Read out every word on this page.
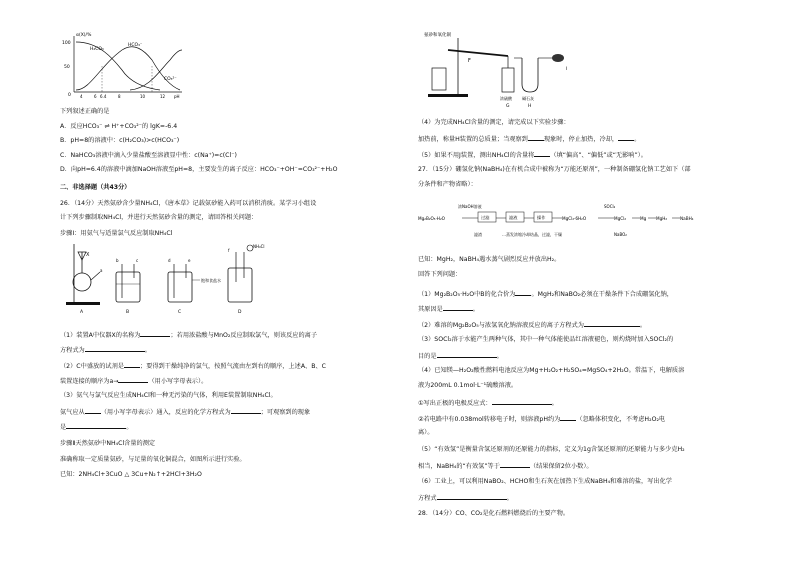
α(X)/%
100
50
0
H₂CO₃
HCO₃⁻
CO₃²⁻
4	6 6.4	8	10	12 pH
下列叙述正确的是
A．反应HCO₃⁻ ⇌ H⁺+CO₃²⁻的 lgK=-6.4
B．pH=8的溶液中：c(H₂CO₃)>c(HCO₃⁻)
C．NaHCO₃溶液中滴入少量盐酸至溶液显中性：c(Na⁺)=c(Cl⁻)
D．向pH=6.4的溶液中滴加NaOH溶液至pH=8，主要发生的离子反应：HCO₃⁻+OH⁻=CO₃²⁻+H₂O
二、非选择题（共43分）
26．（14分）天然氨砂含少量NH₄Cl，《唐本草》记载氨砂能入药可以消积消痰。某学习小组设
计下列步骤制取NH₄Cl，并进行天然氨砂含量的测定，请回答相关问题：
步骤Ⅰ：用氨气与适量氯气反应制取NH₄Cl
X
a
b	c
饱和食盐水
d	e
f
NH₄Cl
A	B	C	D
（1）装置A中仪器X的名称为	；若用浓盐酸与MnO₂反应制取氯气，则该反应的离子
方程式为	。
（2）C中盛放的试剂是	；要得到干燥纯净的氯气，按照气流由左到右的顺序，上述A、B、C
装置连接的顺序为a→	（用小写字母表示）。
（3）氨气与氯气反应生成NH₄Cl和一种无污染的气体，利用E装置制取NH₄Cl。
氨气应从	（用小写字母表示）通入，反应的化学方程式为	；可观察到的现象
是	。
步骤Ⅱ天然氨砂中NH₄Cl含量的测定
准确称取一定质量氨砂，与足量的氧化铜混合，如图所示进行实验。
已知：2NH₄Cl+3CuO △ 3Cu+N₂↑+2HCl+3H₂O
氨砂和氧化铜
F
浓硫酸
G
碱石灰
H
I
（4）为完成NH₄Cl含量的测定，请完成以下实验步骤：
加热前，称量H装置的总质量；当观察到	现象时，停止加热，冷却，	。
（5）如果不用J装置，测出NH₄Cl的含量将	（填“偏高”、“偏低”或“无影响”）。
27．（15分）硼氢化钠(NaBH₄)在有机合成中被称为“万能还原剂”，一种制备硼氢化钠工艺如下（部
分条件和产物省略）：
Mg₂B₂O₅·H₂O
浓NaOH溶液
过滤	滤液	操作	MgCl₂·6H₂O
SOCl₂
MgCl₂	Mg MgH₂	NaBH₄
滤渣	…蒸发浓缩冷却结晶，过滤，干燥	NaBO₂
已知：MgH₂，NaBH₄遇水蒸气剧烈反应并放出H₂。
回答下列问题：
（1）Mg₂B₂O₅·H₂O中B的化合价为	。MgH₂和NaBO₂必须在干燥条件下合成硼氢化钠，
其原因是	。
（2）难溶的Mg₂B₂O₅与浓氢氧化钠溶液反应的离子方程式为	。
（3）SOCl₂溶于水能产生两种气体，其中一种气体能使品红溶液褪色，则灼烧时加入SOCl₂的
目的是	。
（4）已知镁—H₂O₂酸性燃料电池反应为Mg+H₂O₂+H₂SO₄=MgSO₄+2H₂O。常温下，电解质溶
液为200mL 0.1mol·L⁻¹硫酸溶液。
①写出正极的电极反应式：	。
②若电路中有0.038mol转移电子时，则溶液pH约为	（忽略体积变化，不考虑H₂O₂电
离）。
（5）“有效氢”是衡量含氢还原剂的还原能力的指标，定义为1g含氢还原剂的还原能力与多少克H₂
相当，NaBH₄的“有效氢”等于	（结果保留2位小数）。
（6）工业上，可以利用NaBO₂、HCHO和生石灰在加热下生成NaBH₄和难溶的盐，写出化学
方程式	。
28．（14分）CO、CO₂是化石燃料燃烧后的主要产物。
